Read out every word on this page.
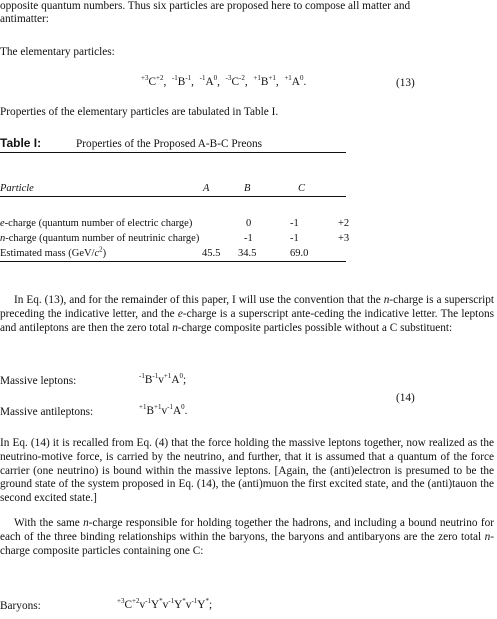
opposite quantum numbers. Thus six particles are proposed here to compose all matter and
antimatter:
The elementary particles:
$^{+3}C^{+2}$,  $^{-1}B^{-1}$,  $^{-1}A^0$,  $^{-3}C^{-2}$,  $^{+1}B^{+1}$,  $^{+1}A^0$.	(13)
Properties of the elementary particles are tabulated in Table I.
Table I:	Properties of the Proposed A-B-C Preons
Particle	A	B	C
e-charge (quantum number of electric charge)	0	-1	+2
n-charge (quantum number of neutrinic charge)	-1	-1	+3
Estimated mass $(GeV/c^2)$	45.5 34.5	69.0
In Eq. (13), and for the remainder of this paper, I will use the convention that the n-charge is a superscript preceding the indicative letter, and the e-charge is a superscript ante-ceding the indicative letter. The leptons and antileptons are then the zero total n-charge composite particles possible without a C substituent:
Massive leptons:	$^{-1}B^{-1}v^{+1}A^0$;
(14)
Massive antileptons:	$^{+1}B^{+1}v^{-1}A^0$.
In Eq. (14) it is recalled from Eq. (4) that the force holding the massive leptons together, now realized as the neutrino-motive force, is carried by the neutrino, and further, that it is assumed that a quantum of the force carrier (one neutrino) is bound within the massive leptons. [Again, the (anti)electron is presumed to be the ground state of the system proposed in Eq. (14), the (anti)muon the first excited state, and the (anti)tauon the second excited state.]
With the same n-charge responsible for holding together the hadrons, and including a bound neutrino for each of the three binding relationships within the baryons, the baryons and antibaryons are the zero total n-charge composite particles containing one C:
Baryons:	$^{+3}C^{+2}v^{-1}Y^*v^{-1}Y^*v^{-1}Y^*$;
